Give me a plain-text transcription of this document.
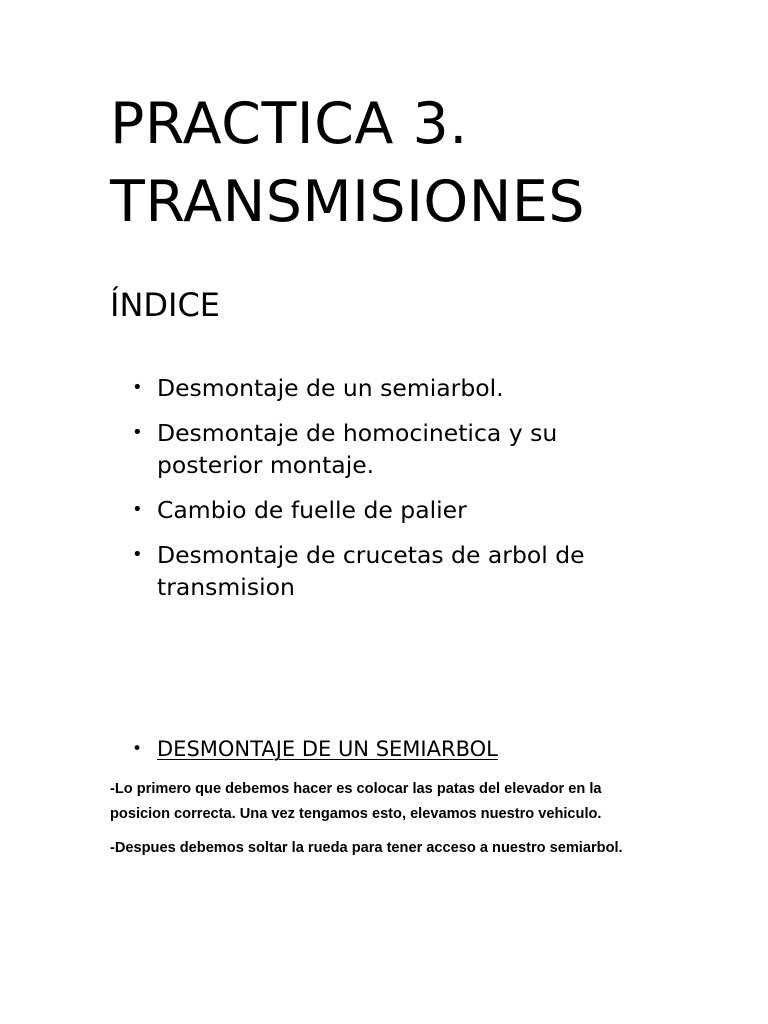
PRACTICA 3.
TRANSMISIONES
ÍNDICE
• Desmontaje de un semiarbol.
• Desmontaje de homocinetica y su posterior montaje.
• Cambio de fuelle de palier
• Desmontaje de crucetas de arbol de transmision
• DESMONTAJE DE UN SEMIARBOL

-Lo primero que debemos hacer es colocar las patas del elevador en la posicion correcta. Una vez tengamos esto, elevamos nuestro vehiculo.

-Despues debemos soltar la rueda para tener acceso a nuestro semiarbol.
